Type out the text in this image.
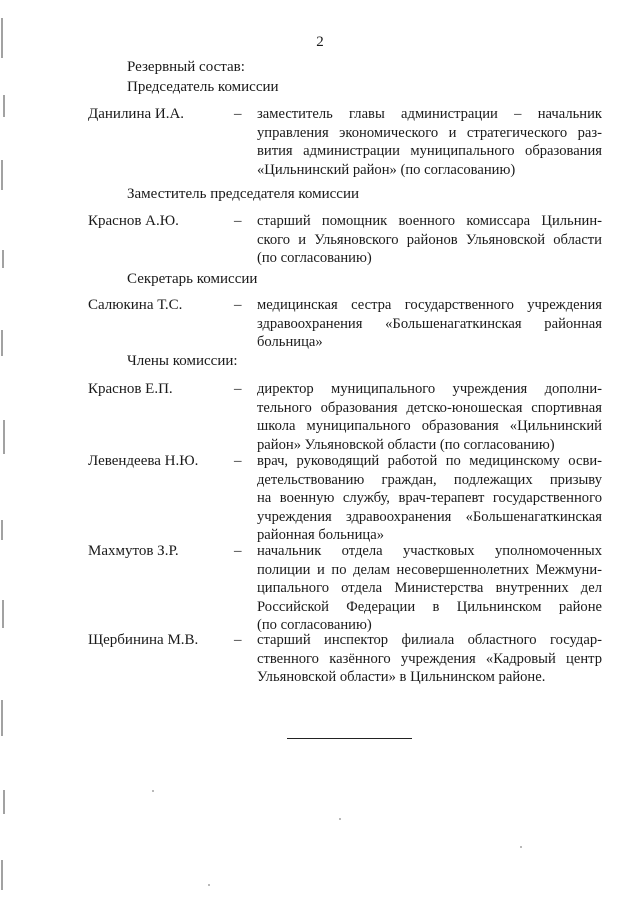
2
Резервный состав:
Председатель комиссии
Данилина И.А.	– заместитель главы администрации – начальник
управления экономического и стратегического раз-
вития администрации муниципального образования
«Цильнинский район» (по согласованию)
Заместитель председателя комиссии
Краснов А.Ю.	– старший помощник военного комиссара Цильнин-
ского и Ульяновского районов Ульяновской области
(по согласованию)
Секретарь комиссии
Салюкина Т.С.	– медицинская сестра государственного учреждения
здравоохранения «Большенагаткинская районная
больница»
Члены комиссии:
Краснов Е.П.	– директор муниципального учреждения дополни-
тельного образования детско-юношеская спортивная
школа муниципального образования «Цильнинский
район» Ульяновской области (по согласованию)
Левендеева Н.Ю. – врач, руководящий работой по медицинскому осви-
детельствованию граждан, подлежащих призыву
на военную службу, врач-терапевт государственного
учреждения здравоохранения «Большенагаткинская
районная больница»
Махмутов З.Р.	– начальник отдела участковых уполномоченных
полиции и по делам несовершеннолетних Межмуни-
ципального отдела Министерства внутренних дел
Российской Федерации в Цильнинском районе
(по согласованию)
Щербинина М.В. – старший инспектор филиала областного государ-
ственного казённого учреждения «Кадровый центр
Ульяновской области» в Цильнинском районе.
